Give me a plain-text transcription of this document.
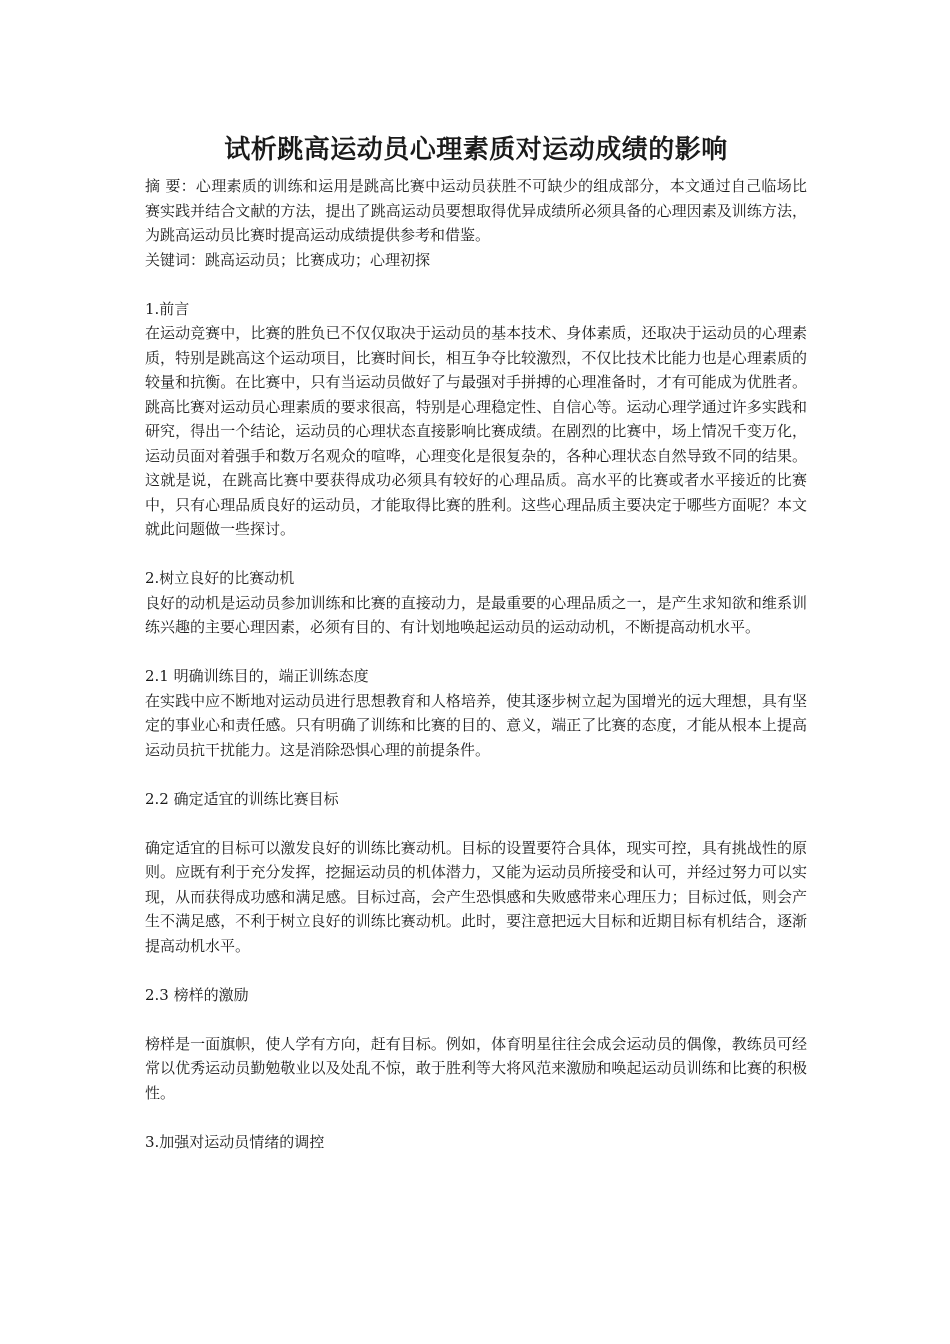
试析跳高运动员心理素质对运动成绩的影响

摘 要：心理素质的训练和运用是跳高比赛中运动员获胜不可缺少的组成部分，本文通过自己临场比赛实践并结合文献的方法，提出了跳高运动员要想取得优异成绩所必须具备的心理因素及训练方法，为跳高运动员比赛时提高运动成绩提供参考和借鉴。

关键词：跳高运动员；比赛成功；心理初探

1.前言

在运动竞赛中，比赛的胜负已不仅仅取决于运动员的基本技术、身体素质，还取决于运动员的心理素质，特别是跳高这个运动项目，比赛时间长，相互争夺比较激烈，不仅比技术比能力也是心理素质的较量和抗衡。在比赛中，只有当运动员做好了与最强对手拼搏的心理准备时，才有可能成为优胜者。跳高比赛对运动员心理素质的要求很高，特别是心理稳定性、自信心等。运动心理学通过许多实践和研究，得出一个结论，运动员的心理状态直接影响比赛成绩。在剧烈的比赛中，场上情况千变万化，运动员面对着强手和数万名观众的喧哗，心理变化是很复杂的，各种心理状态自然导致不同的结果。这就是说，在跳高比赛中要获得成功必须具有较好的心理品质。高水平的比赛或者水平接近的比赛中，只有心理品质良好的运动员，才能取得比赛的胜利。这些心理品质主要决定于哪些方面呢？本文就此问题做一些探讨。

2.树立良好的比赛动机

良好的动机是运动员参加训练和比赛的直接动力，是最重要的心理品质之一，是产生求知欲和维系训练兴趣的主要心理因素，必须有目的、有计划地唤起运动员的运动动机，不断提高动机水平。

2.1 明确训练目的，端正训练态度

在实践中应不断地对运动员进行思想教育和人格培养，使其逐步树立起为国增光的远大理想，具有坚定的事业心和责任感。只有明确了训练和比赛的目的、意义，端正了比赛的态度，才能从根本上提高运动员抗干扰能力。这是消除恐惧心理的前提条件。

2.2 确定适宜的训练比赛目标

确定适宜的目标可以激发良好的训练比赛动机。目标的设置要符合具体，现实可控，具有挑战性的原则。应既有利于充分发挥，挖掘运动员的机体潜力，又能为运动员所接受和认可，并经过努力可以实现，从而获得成功感和满足感。目标过高，会产生恐惧感和失败感带来心理压力；目标过低，则会产生不满足感，不利于树立良好的训练比赛动机。此时，要注意把远大目标和近期目标有机结合，逐渐提高动机水平。

2.3 榜样的激励

榜样是一面旗帜，使人学有方向，赶有目标。例如，体育明星往往会成会运动员的偶像，教练员可经常以优秀运动员勤勉敬业以及处乱不惊，敢于胜利等大将风范来激励和唤起运动员训练和比赛的积极性。

3.加强对运动员情绪的调控
